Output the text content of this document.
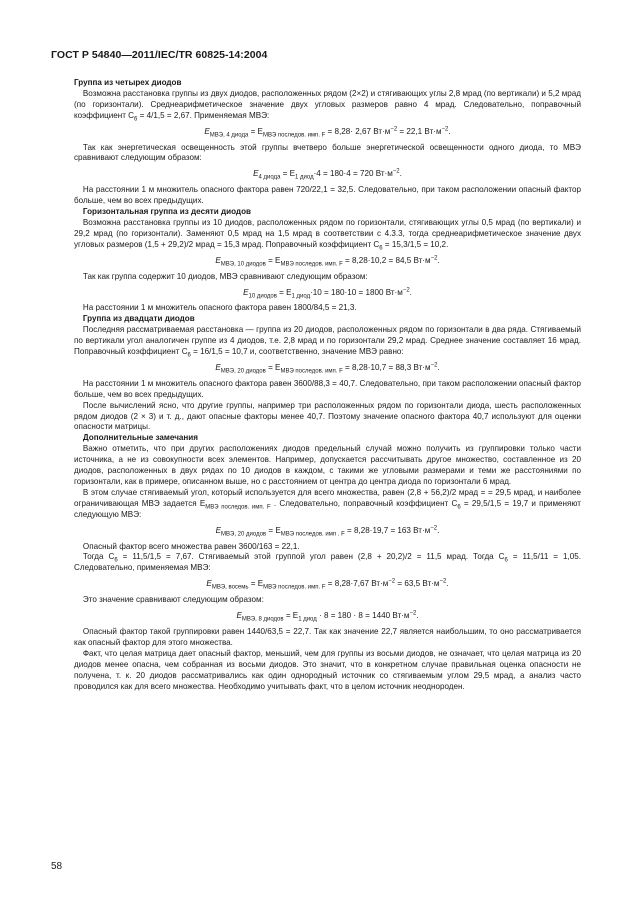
ГОСТ Р 54840—2011/IEC/TR 60825-14:2004

Группа из четырех диодов

Возможна расстановка группы из двух диодов, расположенных рядом (2×2) и стягивающих углы 2,8 мрад (по вертикали) и 5,2 мрад (по горизонтали). Среднеарифметическое значение двух угловых размеров равно 4 мрад. Следовательно, поправочный коэффициент $C_6 = 4/1,5 = 2,67$. Применяемая МВЭ:

$E_{МВЭ, 4 диода} = E_{МВЭ последов. имп. F} = 8,28\cdot 2,67$ $Вт\cdot м^{-2} = 22,1$ $Вт\cdot м^{-2}$.

Так как энергетическая освещенность этой группы вчетверо больше энергетической освещенности одного диода, то МВЭ сравнивают следующим образом:

$E_{4 диода} = E_{1 диод}\cdot 4 = 180\cdot 4 = 720$ $Вт\cdot м^{-2}$.

На расстоянии 1 м множитель опасного фактора равен 720/22,1 = 32,5. Следовательно, при таком расположении опасный фактор больше, чем во всех предыдущих.

Горизонтальная группа из десяти диодов

Возможна расстановка группы из 10 диодов, расположенных рядом по горизонтали, стягивающих углы 0,5 мрад (по вертикали) и 29,2 мрад (по горизонтали). Заменяют 0,5 мрад на 1,5 мрад в соответствии с 4.3.3, тогда среднеарифметическое значение двух угловых размеров (1,5 + 29,2)/2 мрад = 15,3 мрад. Поправочный коэффициент $C_6 = 15,3/1,5 = 10,2$.

$E_{МВЭ, 10 диодов} = E_{МВЭ последов. имп. F} = 8,28\cdot 10,2 = 84,5$ $Вт\cdot м^{-2}$.

Так как группа содержит 10 диодов, МВЭ сравнивают следующим образом:

$E_{10 диодов} = E_{1 диод}\cdot 10 = 180\cdot 10 = 1800$ $Вт\cdot м^{-2}$.

На расстоянии 1 м множитель опасного фактора равен 1800/84,5 = 21,3.

Группа из двадцати диодов

Последняя рассматриваемая расстановка — группа из 20 диодов, расположенных рядом по горизонтали в два ряда. Стягиваемый по вертикали угол аналогичен группе из 4 диодов, т.е. 2,8 мрад и по горизонтали 29,2 мрад. Среднее значение составляет 16 мрад. Поправочный коэффициент $C_6 = 16/1,5 = 10,7$ и, соответственно, значение МВЭ равно:

$E_{МВЭ, 20 диодов} = E_{МВЭ последов. имп. F} = 8,28\cdot 10,7 = 88,3$ $Вт\cdot м^{-2}$.

На расстоянии 1 м множитель опасного фактора равен 3600/88,3 = 40,7. Следовательно, при таком расположении опасный фактор больше, чем во всех предыдущих.

После вычислений ясно, что другие группы, например три расположенных рядом по горизонтали диода, шесть расположенных рядом диодов (2 × 3) и т. д., дают опасные факторы менее 40,7. Поэтому значение опасного фактора 40,7 используют для оценки опасности матрицы.

Дополнительные замечания

Важно отметить, что при других расположениях диодов предельный случай можно получить из группировки только части источника, а не из совокупности всех элементов. Например, допускается рассчитывать другое множество, составленное из 20 диодов, расположенных в двух рядах по 10 диодов в каждом, с такими же угловыми размерами и теми же расстояниями по горизонтали, как в примере, описанном выше, но с расстоянием от центра до центра диода по горизонтали 6 мрад.

В этом случае стягиваемый угол, который используется для всего множества, равен (2,8 + 56,2)/2 мрад = = 29,5 мрад, и наиболее ограничивающая МВЭ задается $E_{МВЭ последов. имп. F}$ . Следовательно, поправочный коэффициент $C_6 = 29,5/1,5 = 19,7$ и применяют следующую МВЭ:

$E_{МВЭ, 20 диодов} = E_{МВЭ последов. имп . F} = 8,28\cdot 19,7 = 163$ $Вт\cdot м^{-2}$.

Опасный фактор всего множества равен 3600/163 = 22,1.

Тогда $C_6 = 11,5/1,5 = 7,67$. Стягиваемый этой группой угол равен (2,8 + 20,2)/2 = 11,5 мрад. Тогда $C_6 = 11,5/11 = 1,05$. Следовательно, применяемая МВЭ:

$E_{МВЭ, восемь} = E_{МВЭ последов. имп. F} = 8,28\cdot 7,67$ $Вт\cdot м^{-2} = 63,5$ $Вт\cdot м^{-2}$.

Это значение сравнивают следующим образом:

$E_{МВЭ, 8 диодов} = E_{1 диод} \cdot 8 = 180 \cdot 8 = 1440$ $Вт\cdot м^{-2}$.

Опасный фактор такой группировки равен 1440/63,5 = 22,7. Так как значение 22,7 является наибольшим, то оно рассматривается как опасный фактор для этого множества.

Факт, что целая матрица дает опасный фактор, меньший, чем для группы из восьми диодов, не означает, что целая матрица из 20 диодов менее опасна, чем собранная из восьми диодов. Это значит, что в конкретном случае правильная оценка опасности не получена, т. к. 20 диодов рассматривались как один однородный источник со стягиваемым углом 29,5 мрад, а анализ часто проводился как для всего множества. Необходимо учитывать факт, что в целом источник неоднороден.

58
